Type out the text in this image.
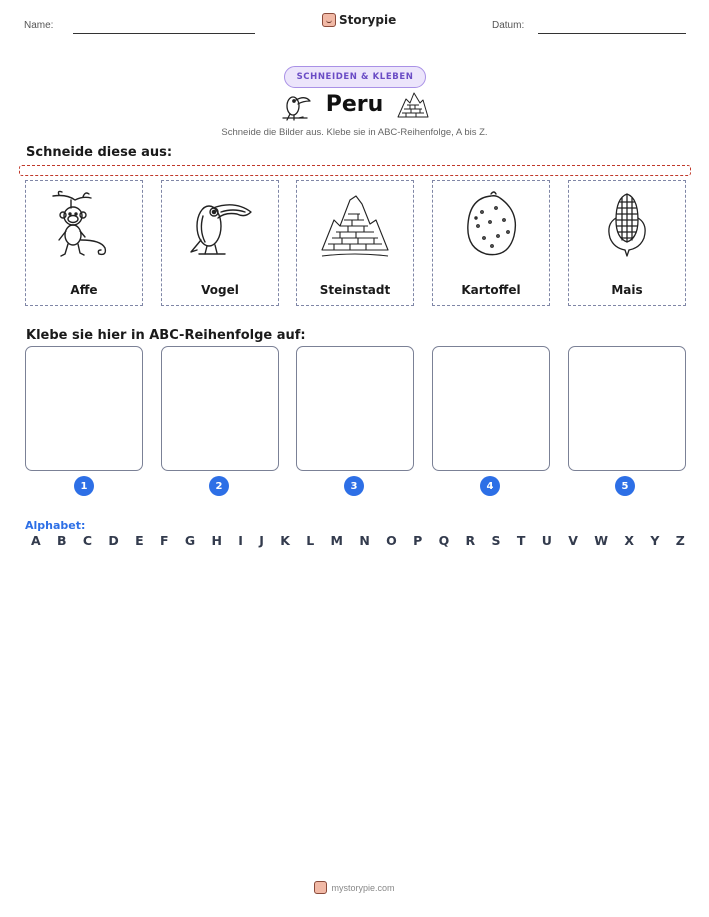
Name:	Storypie	Datum:
SCHNEIDEN & KLEBEN
Peru
Schneide die Bilder aus. Klebe sie in ABC-Reihenfolge, A bis Z.
Schneide diese aus:
Affe	Vogel	Steinstadt	Kartoffel	Mais
Klebe sie hier in ABC-Reihenfolge auf:
1	2	3	4	5
Alphabet:
A B C D E F G H I J K L M N O P Q R S T U V W X Y Z
mystorypie.com
